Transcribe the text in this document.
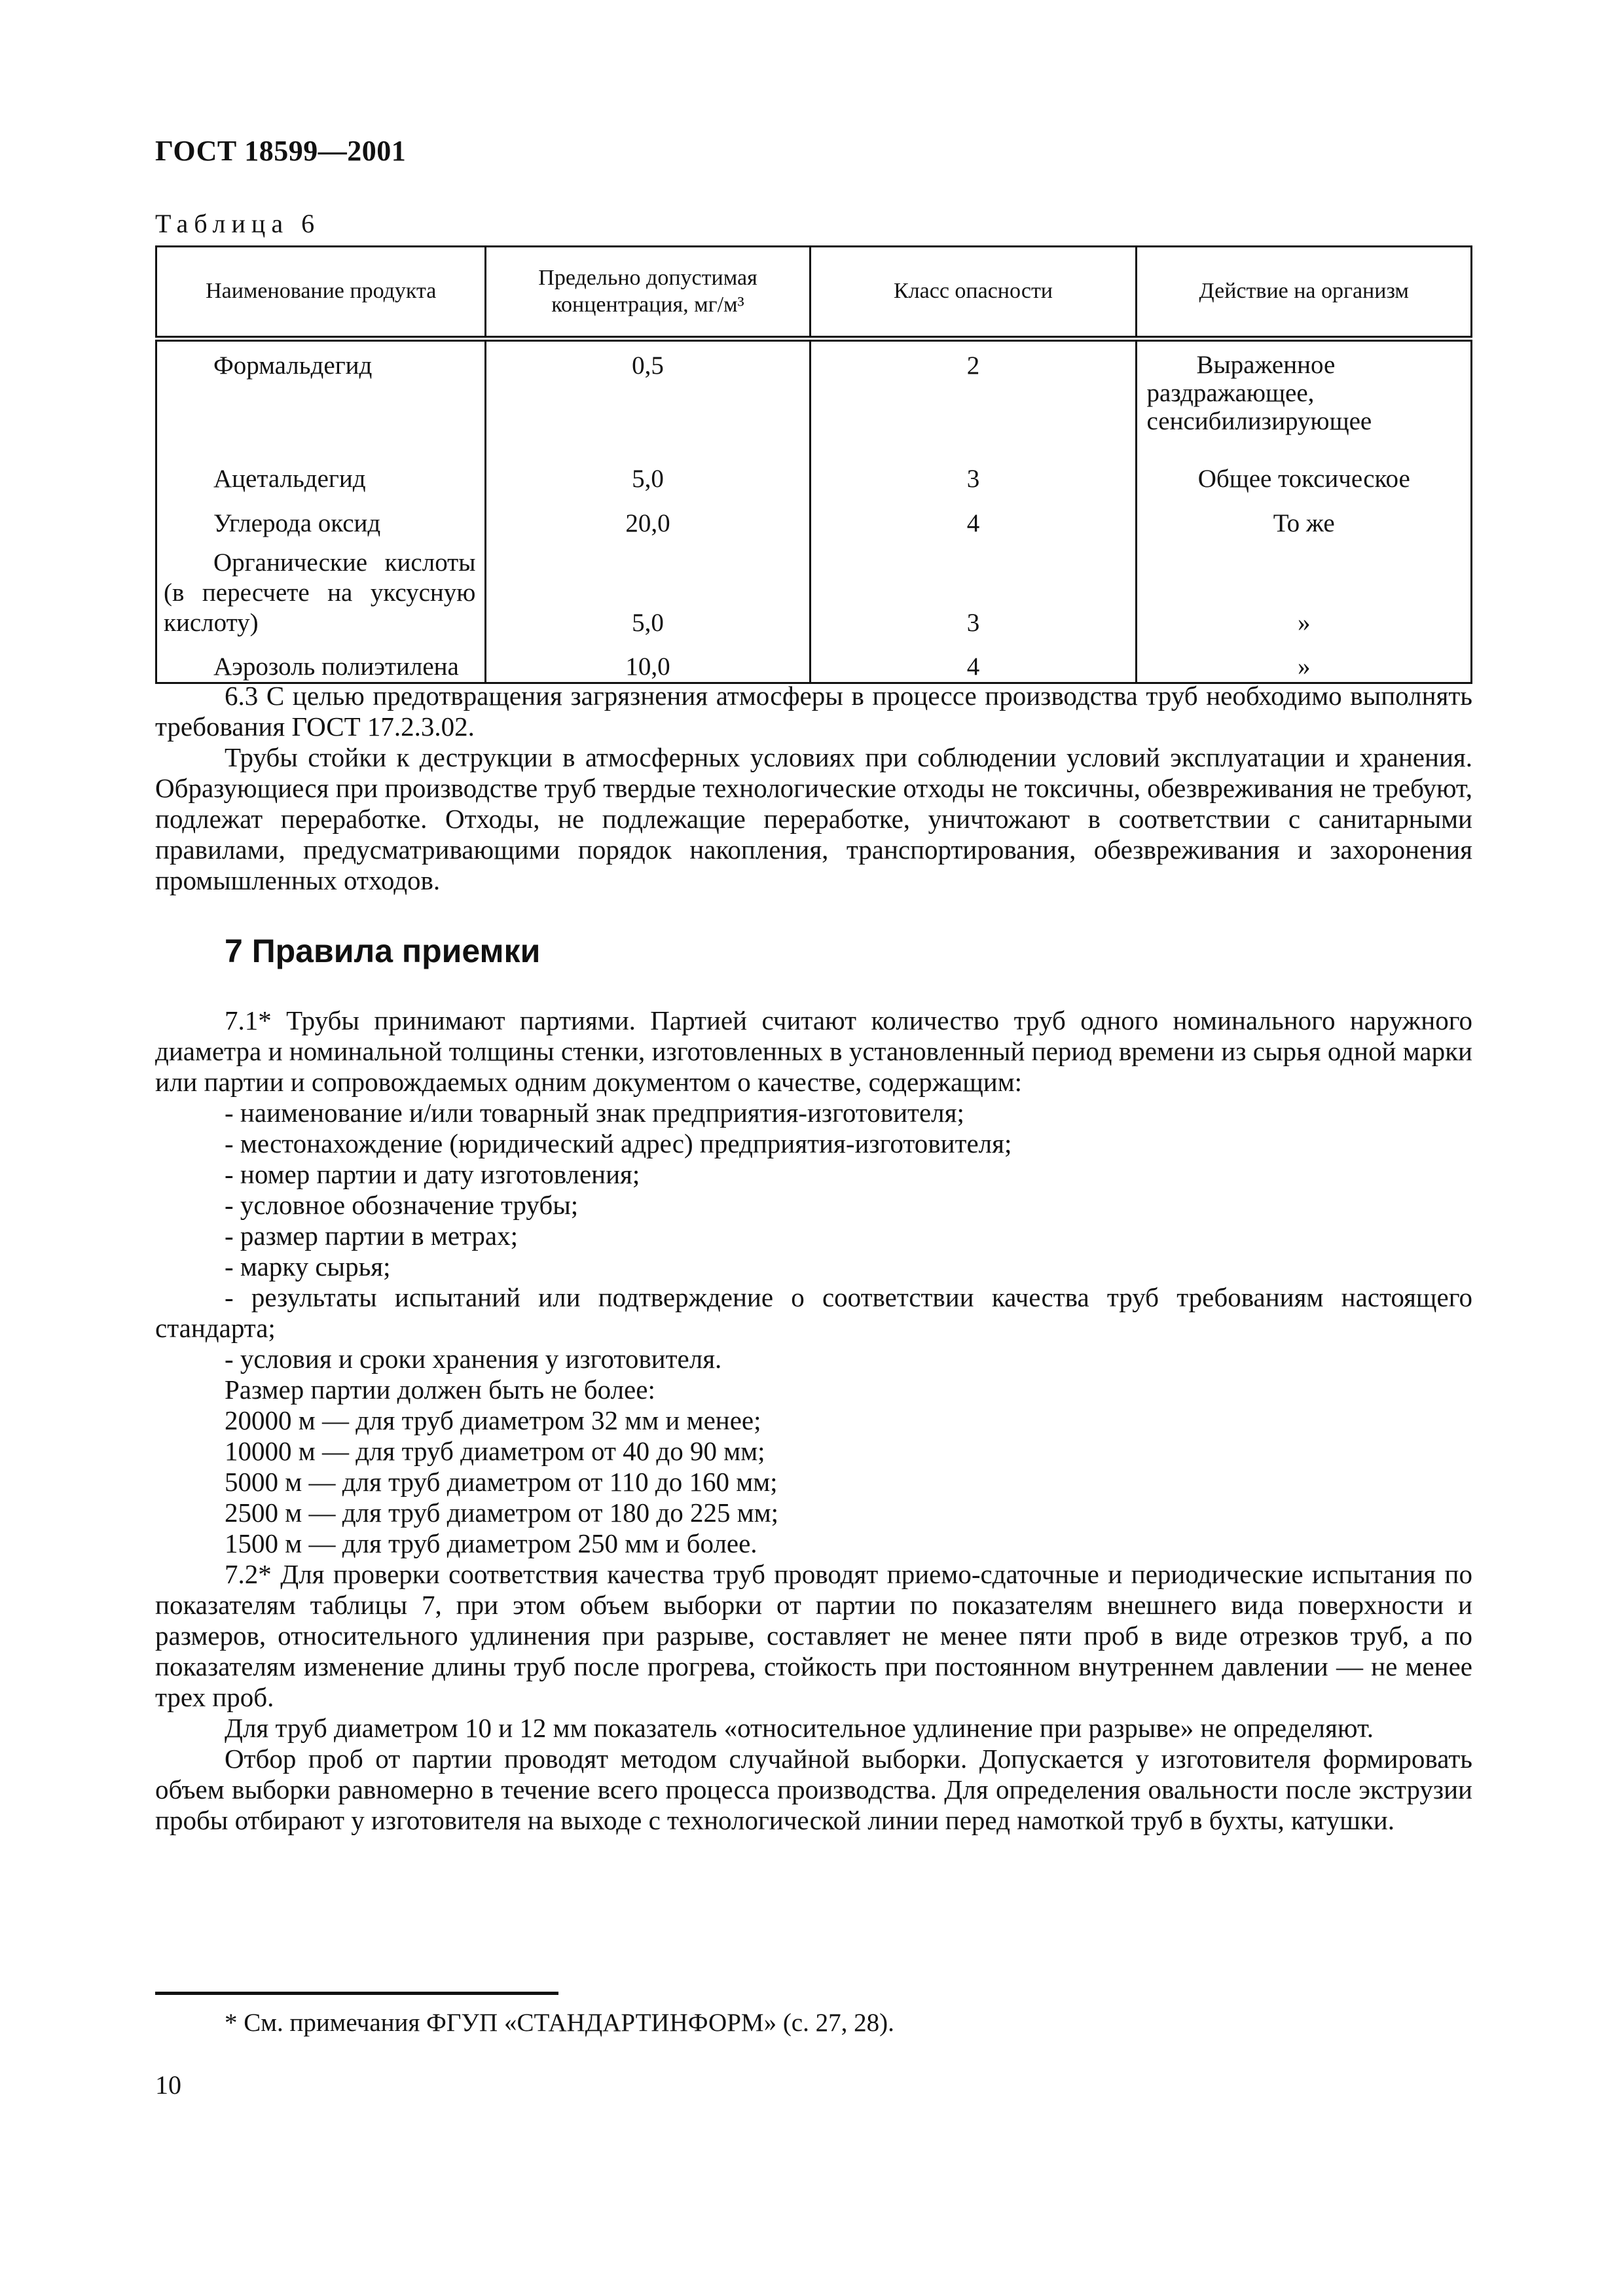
ГОСТ 18599—2001
Таблица 6
Наименование продукта	Предельно допустимая концентрация, мг/м³	Класс опасности	Действие на организм

Формальдегид	0,5	2	Выраженное раздражающее, сенсибилизирующее

Ацетальдегид	5,0	3	Общее токсическое

Углерода оксид	20,0	4	То же

Органические кислоты (в пересчете на уксусную кислоту)	5,0	3	»

Аэрозоль полиэтилена	10,0	4	»

6.3 С целью предотвращения загрязнения атмосферы в процессе производства труб необходимо выполнять требования ГОСТ 17.2.3.02.

Трубы стойки к деструкции в атмосферных условиях при соблюдении условий эксплуатации и хранения. Образующиеся при производстве труб твердые технологические отходы не токсичны, обезвреживания не требуют, подлежат переработке. Отходы, не подлежащие переработке, уничтожают в соответствии с санитарными правилами, предусматривающими порядок накопления, транспортирования, обезвреживания и захоронения промышленных отходов.

7 Правила приемки

7.1* Трубы принимают партиями. Партией считают количество труб одного номинального наружного диаметра и номинальной толщины стенки, изготовленных в установленный период времени из сырья одной марки или партии и сопровождаемых одним документом о качестве, содержащим:

- наименование и/или товарный знак предприятия-изготовителя;

- местонахождение (юридический адрес) предприятия-изготовителя;

- номер партии и дату изготовления;

- условное обозначение трубы;

- размер партии в метрах;

- марку сырья;

- результаты испытаний или подтверждение о соответствии качества труб требованиям настоящего стандарта;

- условия и сроки хранения у изготовителя.

Размер партии должен быть не более:

20000 м — для труб диаметром 32 мм и менее;

10000 м — для труб диаметром от 40 до 90 мм;

5000 м — для труб диаметром от 110 до 160 мм;

2500 м — для труб диаметром от 180 до 225 мм;

1500 м — для труб диаметром 250 мм и более.

7.2* Для проверки соответствия качества труб проводят приемо-сдаточные и периодические испытания по показателям таблицы 7, при этом объем выборки от партии по показателям внешнего вида поверхности и размеров, относительного удлинения при разрыве, составляет не менее пяти проб в виде отрезков труб, а по показателям изменение длины труб после прогрева, стойкость при постоянном внутреннем давлении — не менее трех проб.

Для труб диаметром 10 и 12 мм показатель «относительное удлинение при разрыве» не определяют.

Отбор проб от партии проводят методом случайной выборки. Допускается у изготовителя формировать объем выборки равномерно в течение всего процесса производства. Для определения овальности после экструзии пробы отбирают у изготовителя на выходе с технологической линии перед намоткой труб в бухты, катушки.

* См. примечания ФГУП «СТАНДАРТИНФОРМ» (с. 27, 28).
10
